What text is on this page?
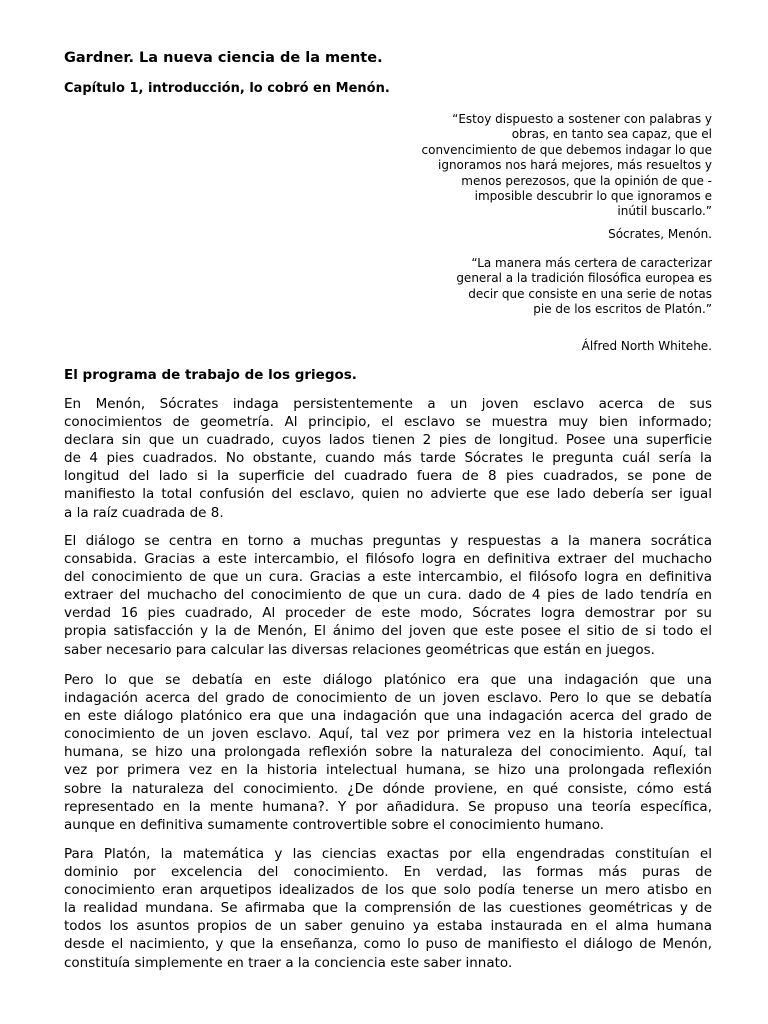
Gardner. La nueva ciencia de la mente.
Capítulo 1, introducción, lo cobró en Menón.
“Estoy dispuesto a sostener con palabras y
obras, en tanto sea capaz, que el
convencimiento de que debemos indagar lo que
ignoramos nos hará mejores, más resueltos y
menos perezosos, que la opinión de que -
imposible descubrir lo que ignoramos e
inútil buscarlo.”
Sócrates, Menón.
“La manera más certera de caracterizar
general a la tradición filosófica europea es
decir que consiste en una serie de notas
pie de los escritos de Platón.”
Álfred North Whitehe.
El programa de trabajo de los griegos.
En Menón, Sócrates indaga persistentemente a un joven esclavo acerca de sus
conocimientos de geometría. Al principio, el esclavo se muestra muy bien informado;
declara sin que un cuadrado, cuyos lados tienen 2 pies de longitud. Posee una superficie
de 4 pies cuadrados. No obstante, cuando más tarde Sócrates le pregunta cuál sería la
longitud del lado si la superficie del cuadrado fuera de 8 pies cuadrados, se pone de
manifiesto la total confusión del esclavo, quien no advierte que ese lado debería ser igual
a la raíz cuadrada de 8.
El diálogo se centra en torno a muchas preguntas y respuestas a la manera socrática
consabida. Gracias a este intercambio, el filósofo logra en definitiva extraer del muchacho
del conocimiento de que un cura. Gracias a este intercambio, el filósofo logra en definitiva
extraer del muchacho del conocimiento de que un cura. dado de 4 pies de lado tendría en
verdad 16 pies cuadrado, Al proceder de este modo, Sócrates logra demostrar por su
propia satisfacción y la de Menón, El ánimo del joven que este posee el sitio de si todo el
saber necesario para calcular las diversas relaciones geométricas que están en juegos.
Pero lo que se debatía en este diálogo platónico era que una indagación que una
indagación acerca del grado de conocimiento de un joven esclavo. Pero lo que se debatía
en este diálogo platónico era que una indagación que una indagación acerca del grado de
conocimiento de un joven esclavo. Aquí, tal vez por primera vez en la historia intelectual
humana, se hizo una prolongada reflexión sobre la naturaleza del conocimiento. Aquí, tal
vez por primera vez en la historia intelectual humana, se hizo una prolongada reflexión
sobre la naturaleza del conocimiento. ¿De dónde proviene, en qué consiste, cómo está
representado en la mente humana?. Y por añadidura. Se propuso una teoría específica,
aunque en definitiva sumamente controvertible sobre el conocimiento humano.
Para Platón, la matemática y las ciencias exactas por ella engendradas constituían el
dominio por excelencia del conocimiento. En verdad, las formas más puras de
conocimiento eran arquetipos idealizados de los que solo podía tenerse un mero atisbo en
la realidad mundana. Se afirmaba que la comprensión de las cuestiones geométricas y de
todos los asuntos propios de un saber genuino ya estaba instaurada en el alma humana
desde el nacimiento, y que la enseñanza, como lo puso de manifiesto el diálogo de Menón,
constituía simplemente en traer a la conciencia este saber innato.
